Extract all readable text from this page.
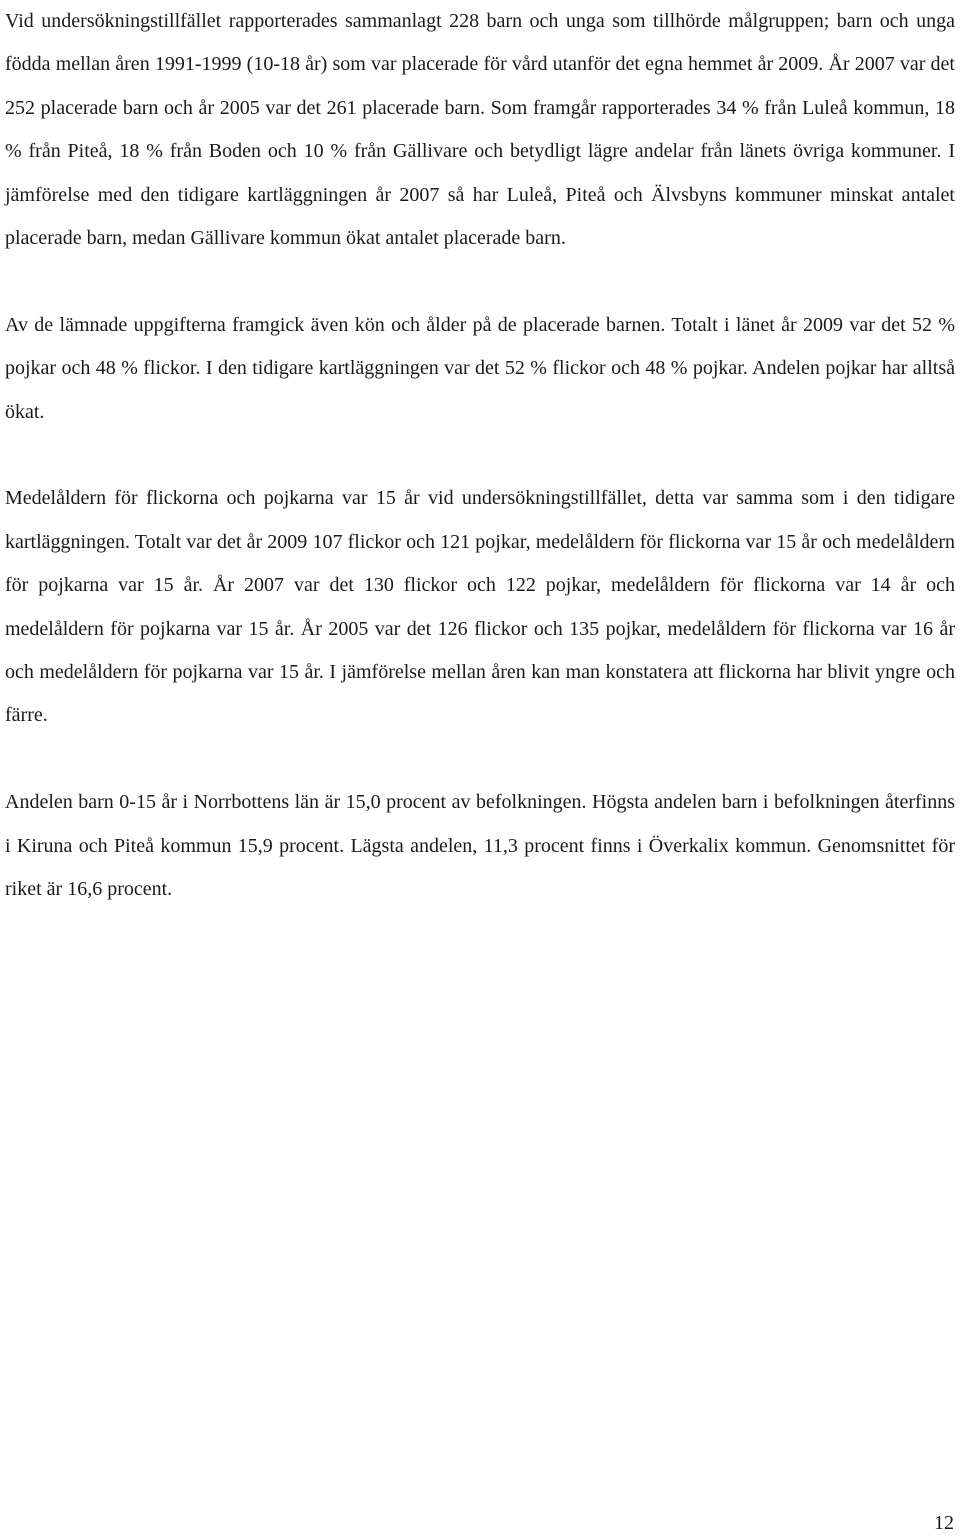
Vid undersökningstillfället rapporterades sammanlagt 228 barn och unga som tillhörde målgruppen; barn och unga födda mellan åren 1991-1999 (10-18 år) som var placerade för vård utanför det egna hemmet år 2009. År 2007 var det 252 placerade barn och år 2005 var det 261 placerade barn. Som framgår rapporterades 34 % från Luleå kommun, 18 % från Piteå, 18 % från Boden och 10 % från Gällivare och betydligt lägre andelar från länets övriga kommuner. I jämförelse med den tidigare kartläggningen år 2007 så har Luleå, Piteå och Älvsbyns kommuner minskat antalet placerade barn, medan Gällivare kommun ökat antalet placerade barn.

Av de lämnade uppgifterna framgick även kön och ålder på de placerade barnen. Totalt i länet år 2009 var det 52 % pojkar och 48 % flickor. I den tidigare kartläggningen var det 52 % flickor och 48 % pojkar. Andelen pojkar har alltså ökat.

Medelåldern för flickorna och pojkarna var 15 år vid undersökningstillfället, detta var samma som i den tidigare kartläggningen. Totalt var det år 2009 107 flickor och 121 pojkar, medelåldern för flickorna var 15 år och medelåldern för pojkarna var 15 år. År 2007 var det 130 flickor och 122 pojkar, medelåldern för flickorna var 14 år och medelåldern för pojkarna var 15 år. År 2005 var det 126 flickor och 135 pojkar, medelåldern för flickorna var 16 år och medelåldern för pojkarna var 15 år. I jämförelse mellan åren kan man konstatera att flickorna har blivit yngre och färre.

Andelen barn 0-15 år i Norrbottens län är 15,0 procent av befolkningen. Högsta andelen barn i befolkningen återfinns i Kiruna och Piteå kommun 15,9 procent. Lägsta andelen, 11,3 procent finns i Överkalix kommun. Genomsnittet för riket är 16,6 procent.

12
